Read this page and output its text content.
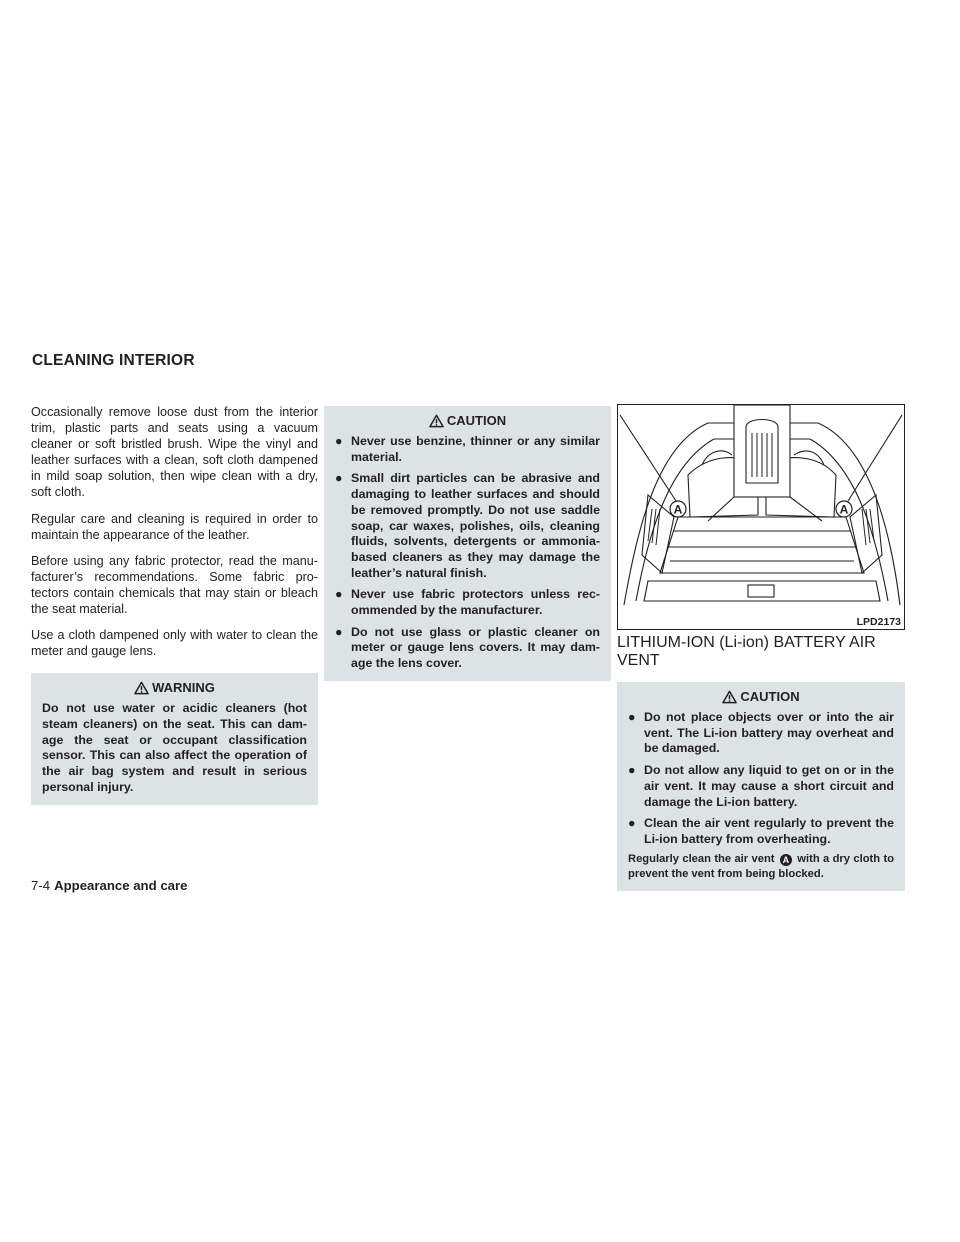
CLEANING INTERIOR

Occasionally remove loose dust from the interior trim, plastic parts and seats using a vacuum cleaner or soft bristled brush. Wipe the vinyl and leather surfaces with a clean, soft cloth dampened in mild soap solution, then wipe clean with a dry, soft cloth.

Regular care and cleaning is required in order to maintain the appearance of the leather.

Before using any fabric protector, read the manufacturer’s recommendations. Some fabric protectors contain chemicals that may stain or bleach the seat material.

Use a cloth dampened only with water to clean the meter and gauge lens.

WARNING

Do not use water or acidic cleaners (hot steam cleaners) on the seat. This can damage the seat or occupant classification sensor. This can also affect the operation of the air bag system and result in serious personal injury.

CAUTION
● Never use benzine, thinner or any similar material.
● Small dirt particles can be abrasive and damaging to leather surfaces and should be removed promptly. Do not use saddle soap, car waxes, polishes, oils, cleaning fluids, solvents, detergents or ammonia-based cleaners as they may damage the leather’s natural finish.
● Never use fabric protectors unless recommended by the manufacturer.
● Do not use glass or plastic cleaner on meter or gauge lens covers. It may damage the lens cover.
A	A
LPD2173
LITHIUM-ION (Li-ion) BATTERY AIR
VENT
CAUTION
● Do not place objects over or into the air vent. The Li-ion battery may overheat and be damaged.
● Do not allow any liquid to get on or in the air vent. It may cause a short circuit and damage the Li-ion battery.
● Clean the air vent regularly to prevent the Li-ion battery from overheating.
Regularly clean the air vent A with a dry cloth to prevent the vent from being blocked.
7-4 Appearance and care
